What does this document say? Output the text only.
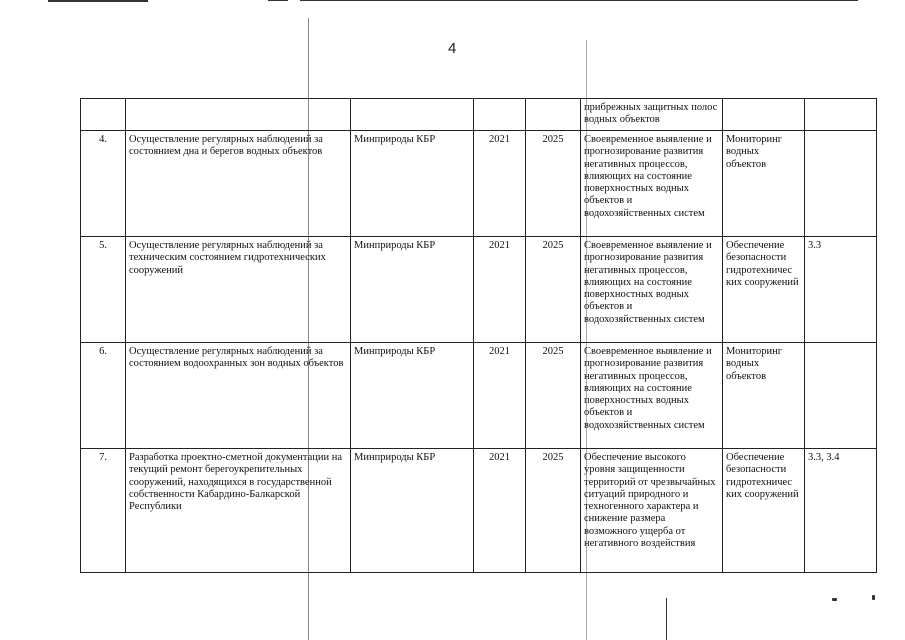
4
					прибрежных защитных полос водных объектов		
4.	Осуществление регулярных наблюдений за состоянием дна и берегов водных объектов	Минприроды КБР	2021	2025	Своевременное выявление и прогнозирование развития негативных процессов, влияющих на состояние поверхностных водных объектов и водохозяйственных систем	Мониторинг водных объектов	
5.	Осуществление регулярных наблюдений за техническим состоянием гидротехнических сооружений	Минприроды КБР	2021	2025	Своевременное выявление и прогнозирование развития негативных процессов, влияющих на состояние поверхностных водных объектов и водохозяйственных систем	Обеспечение безопасности гидротехничес ких сооружений	3.3
6.	Осуществление регулярных наблюдений за состоянием водоохранных зон водных объектов	Минприроды КБР	2021	2025	Своевременное выявление и прогнозирование развития негативных процессов, влияющих на состояние поверхностных водных объектов и водохозяйственных систем	Мониторинг водных объектов	
7.	Разработка проектно-сметной документации на текущий ремонт берегоукрепительных сооружений, находящихся в государственной собственности Кабардино-Балкарской Республики	Минприроды КБР	2021	2025	Обеспечение высокого уровня защищенности территорий от чрезвычайных ситуаций природного и техногенного характера и снижение размера возможного ущерба от негативного воздействия	Обеспечение безопасности гидротехничес ких сооружений	3.3, 3.4
